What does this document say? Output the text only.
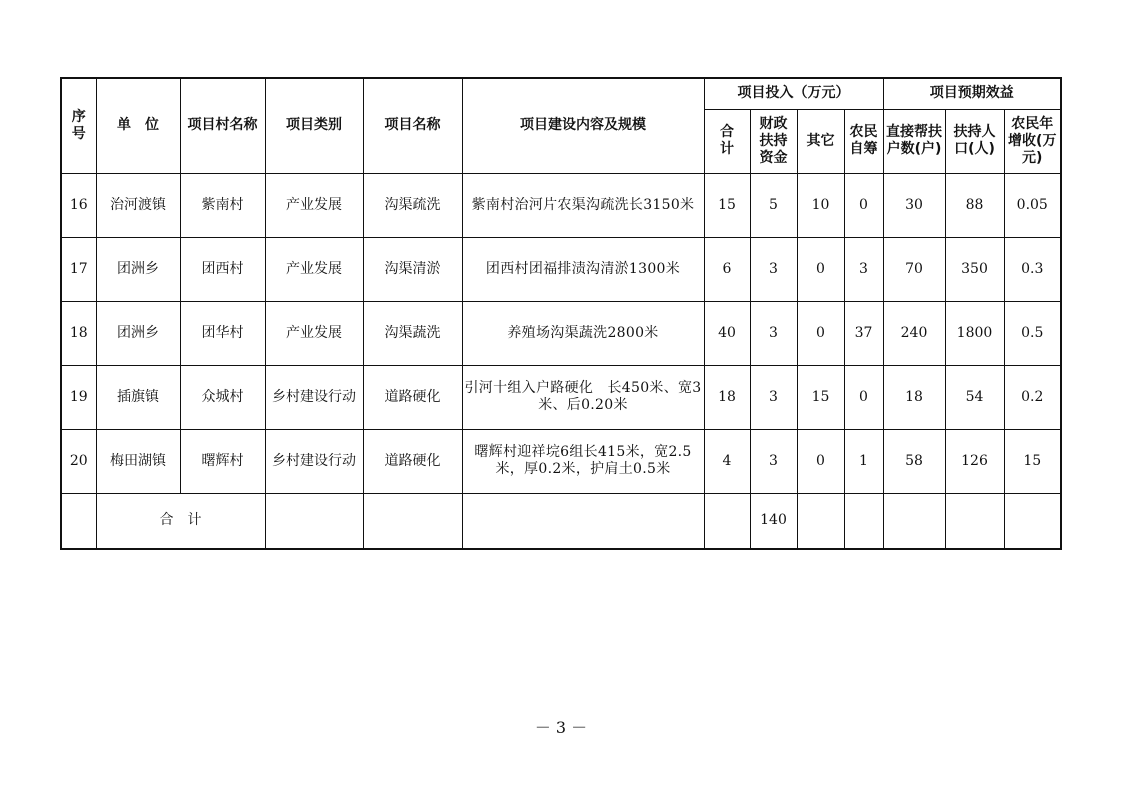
序号	单　位	项目村名称	项目类别	项目名称	项目建设内容及规模	项目投入（万元）				项目预期效益		
						合计	财政扶持资金	其它	农民自筹	直接帮扶户数(户)	扶持人口(人)	农民年增收(万元)
16	治河渡镇	紫南村	产业发展	沟渠疏洗	紫南村治河片农渠沟疏洗长3150米	15	5	10	0	30	88	0.05
17	团洲乡	团西村	产业发展	沟渠清淤	团西村团福排渍沟清淤1300米	6	3	0	3	70	350	0.3
18	团洲乡	团华村	产业发展	沟渠蔬洗	养殖场沟渠蔬洗2800米	40	3	0	37	240	1800	0.5
19	插旗镇	众城村	乡村建设行动	道路硬化	引河十组入户路硬化　长450米、宽3米、后0.20米	18	3	15	0	18	54	0.2
20	梅田湖镇	曙辉村	乡村建设行动	道路硬化	曙辉村迎祥垸6组长415米，宽2.5米，厚0.2米，护肩土0.5米	4	3	0	1	58	126	15
	合　计						140					
－ 3 －
